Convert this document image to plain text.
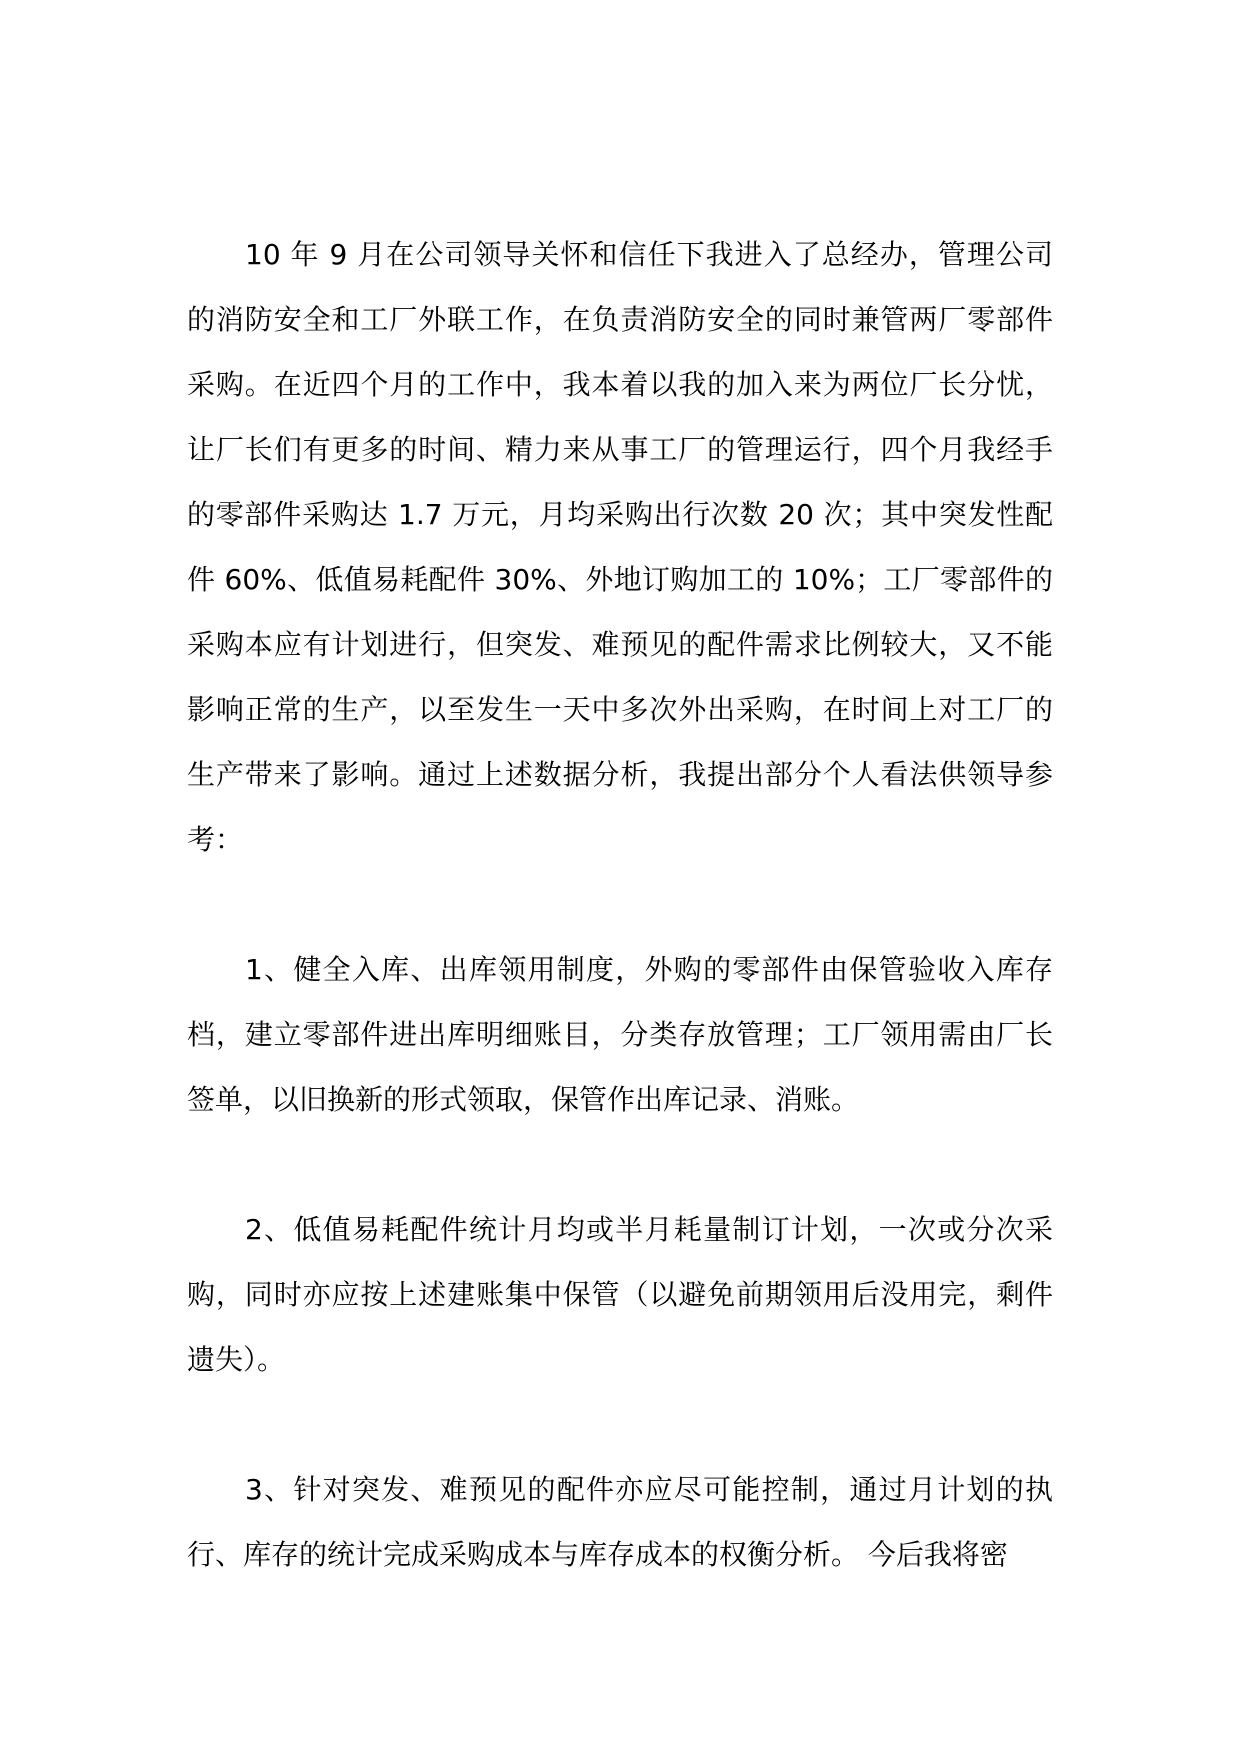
10 年 9 月在公司领导关怀和信任下我进入了总经办，管理公司的消防安全和工厂外联工作，在负责消防安全的同时兼管两厂零部件采购。在近四个月的工作中，我本着以我的加入来为两位厂长分忧，让厂长们有更多的时间、精力来从事工厂的管理运行，四个月我经手的零部件采购达 1.7 万元，月均采购出行次数 20 次；其中突发性配件 60%、低值易耗配件 30%、外地订购加工的 10%；工厂零部件的采购本应有计划进行，但突发、难预见的配件需求比例较大，又不能影响正常的生产，以至发生一天中多次外出采购，在时间上对工厂的生产带来了影响。通过上述数据分析，我提出部分个人看法供领导参考：

1、健全入库、出库领用制度，外购的零部件由保管验收入库存档，建立零部件进出库明细账目，分类存放管理；工厂领用需由厂长签单，以旧换新的形式领取，保管作出库记录、消账。

2、低值易耗配件统计月均或半月耗量制订计划，一次或分次采购，同时亦应按上述建账集中保管（以避免前期领用后没用完，剩件遗失）。

3、针对突发、难预见的配件亦应尽可能控制，通过月计划的执行、库存的统计完成采购成本与库存成本的权衡分析。 今后我将密
